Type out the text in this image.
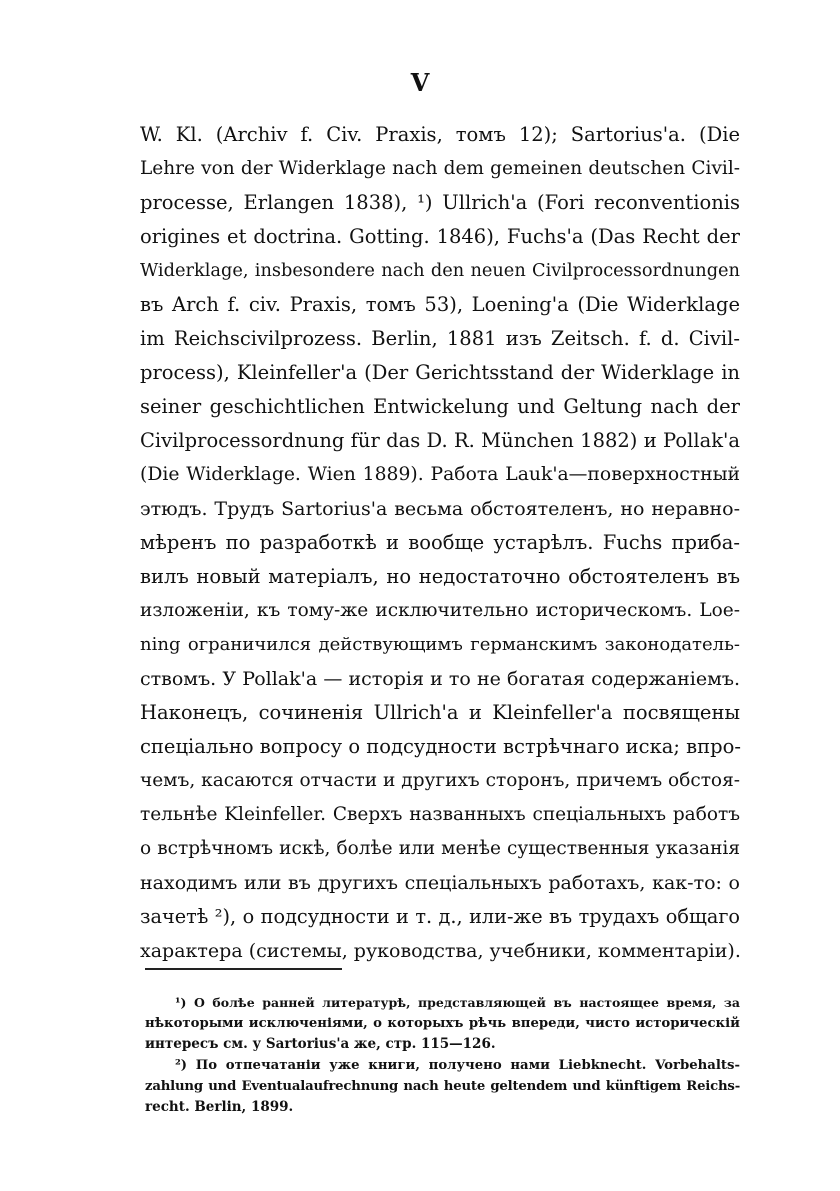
V
W. Kl. (Archiv f. Civ. Praxis, томъ 12); Sartorius'a. (Die
Lehre von der Widerklage nach dem gemeinen deutschen Civil-
processe, Erlangen 1838), ¹) Ullrich'a (Fori reconventionis
origines et doctrina. Gotting. 1846), Fuchs'a (Das Recht der
Widerklage, insbesondere nach den neuen Civilprocessordnungen
въ Arch f. civ. Praxis, томъ 53), Loening'a (Die Widerklage
im Reichscivilprozess. Berlin, 1881 изъ Zeitsch. f. d. Civil-
process), Kleinfeller'a (Der Gerichtsstand der Widerklage in
seiner geschichtlichen Entwickelung und Geltung nach der
Civilprocessordnung für das D. R. München 1882) и Pollak'a
(Die Widerklage. Wien 1889). Работа Lauk'a—поверхностный
этюдъ. Трудъ Sartorius'a весьма обстоятеленъ, но неравно-
мѣренъ по разработкѣ и вообще устарѣлъ. Fuchs приба-
вилъ новый матеріалъ, но недостаточно обстоятеленъ въ
изложеніи, къ тому-же исключительно историческомъ. Loe-
ning ограничился действующимъ германскимъ законодатель-
ствомъ. У Pollak'a — исторія и то не богатая содержаніемъ.
Наконецъ, сочиненія Ullrich'a и Kleinfeller'a посвящены
спеціально вопросу о подсудности встрѣчнаго иска; впро-
чемъ, касаются отчасти и другихъ сторонъ, причемъ обстоя-
тельнѣе Kleinfeller. Сверхъ названныхъ спеціальныхъ работъ
о встрѣчномъ искѣ, болѣе или менѣе существенныя указанія
находимъ или въ другихъ спеціальныхъ работахъ, как-то: о
зачетѣ ²), о подсудности и т. д., или-же въ трудахъ общаго
характера (системы, руководства, учебники, комментаріи).
¹) О болѣе ранней литературѣ, представляющей въ настоящее время, за
нѣкоторыми исключеніями, о которыхъ рѣчь впереди, чисто историческій
интересъ см. у Sartorius'a же, стр. 115—126.
²) По отпечатаніи уже книги, получено нами Liebknecht. Vorbehalts-
zahlung und Eventualaufrechnung nach heute geltendem und künftigem Reichs-
recht. Berlin, 1899.
